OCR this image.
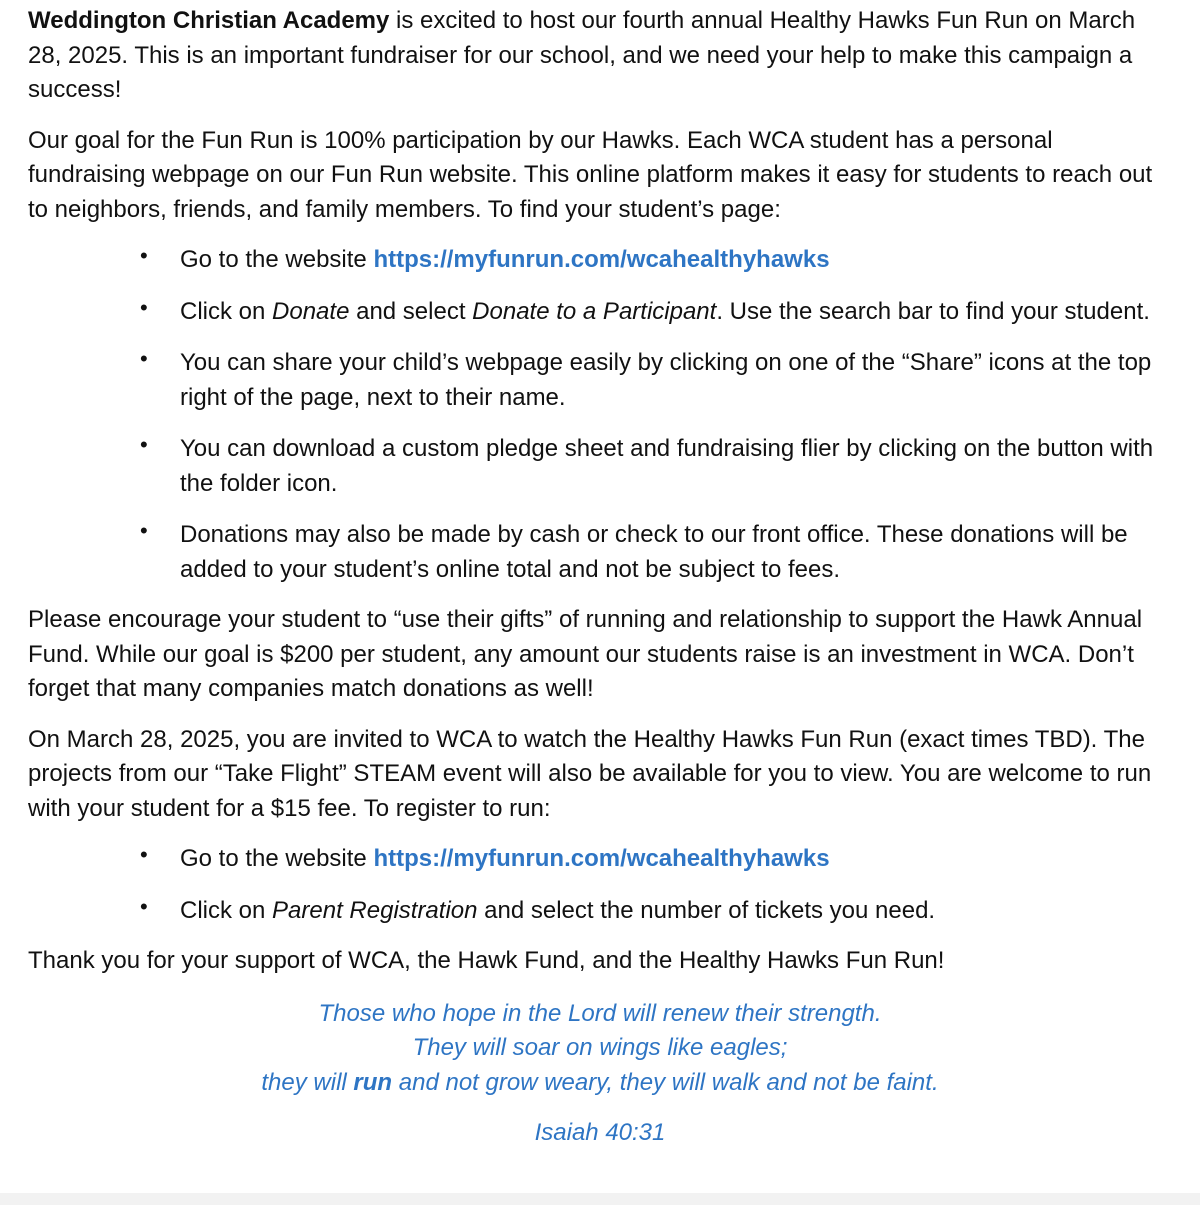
Weddington Christian Academy is excited to host our fourth annual Healthy Hawks Fun Run on March 28, 2025. This is an important fundraiser for our school, and we need your help to make this campaign a success!

Our goal for the Fun Run is 100% participation by our Hawks. Each WCA student has a personal fundraising webpage on our Fun Run website. This online platform makes it easy for students to reach out to neighbors, friends, and family members. To find your student’s page:

• Go to the website https://myfunrun.com/wcahealthyhawks
• Click on Donate and select Donate to a Participant. Use the search bar to find your student.
• You can share your child’s webpage easily by clicking on one of the “Share” icons at the top right of the page, next to their name.
• You can download a custom pledge sheet and fundraising flier by clicking on the button with the folder icon.
• Donations may also be made by cash or check to our front office. These donations will be added to your student’s online total and not be subject to fees.

Please encourage your student to “use their gifts” of running and relationship to support the Hawk Annual Fund. While our goal is $200 per student, any amount our students raise is an investment in WCA. Don’t forget that many companies match donations as well!

On March 28, 2025, you are invited to WCA to watch the Healthy Hawks Fun Run (exact times TBD). The projects from our “Take Flight” STEAM event will also be available for you to view. You are welcome to run with your student for a $15 fee. To register to run:

• Go to the website https://myfunrun.com/wcahealthyhawks
• Click on Parent Registration and select the number of tickets you need.

Thank you for your support of WCA, the Hawk Fund, and the Healthy Hawks Fun Run!

Those who hope in the Lord will renew their strength.
They will soar on wings like eagles;
they will run and not grow weary, they will walk and not be faint.
Isaiah 40:31
